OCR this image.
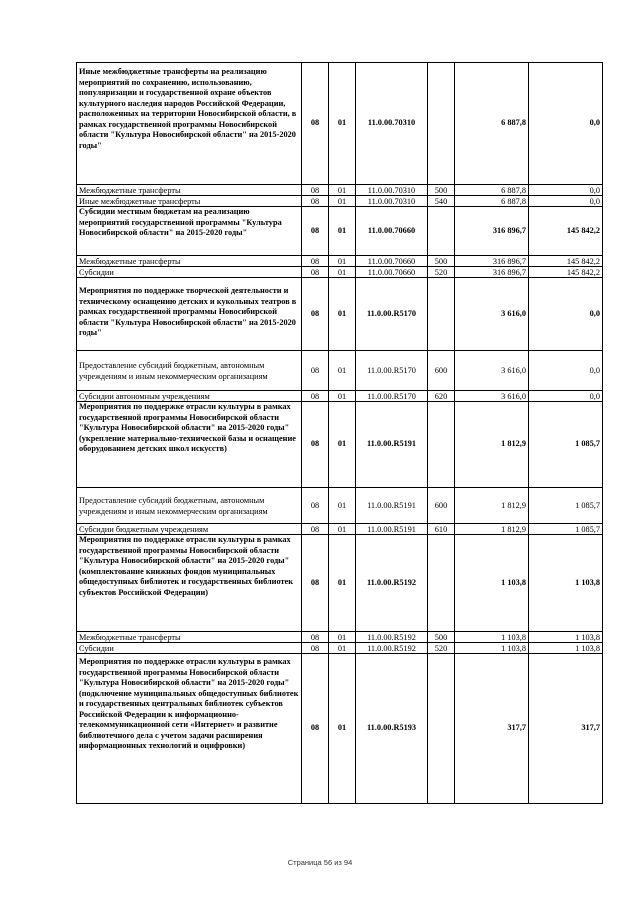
Иные межбюджетные трансферты на реализацию мероприятий по сохранению, использованию, популяризации и государственной охране объектов культурного наследия народов Российской Федерации, расположенных на территории Новосибирской области, в рамках государственной программы Новосибирской области "Культура Новосибирской области" на 2015-2020 годы"	08	01	11.0.00.70310		6 887,8	0,0
Межбюджетные трансферты	08	01	11.0.00.70310	500	6 887,8	0,0
Иные межбюджетные трансферты	08	01	11.0.00.70310	540	6 887,8	0,0
Субсидии местным бюджетам на реализацию мероприятий государственной программы "Культура Новосибирской области" на 2015-2020 годы"	08	01	11.0.00.70660		316 896,7	145 842,2
Межбюджетные трансферты	08	01	11.0.00.70660	500	316 896,7	145 842,2
Субсидии	08	01	11.0.00.70660	520	316 896,7	145 842,2
Мероприятия по поддержке творческой деятельности и техническому оснащению детских и кукольных театров в рамках государственной программы Новосибирской области "Культура Новосибирской области" на 2015-2020 годы"	08	01	11.0.00.R5170		3 616,0	0,0
Предоставление субсидий бюджетным, автономным учреждениям и иным некоммерческим организациям	08	01	11.0.00.R5170	600	3 616,0	0,0
Субсидии автономным учреждениям	08	01	11.0.00.R5170	620	3 616,0	0,0
Мероприятия по поддержке отрасли культуры в рамках государственной программы Новосибирской области "Культура Новосибирской области" на 2015-2020 годы" (укрепление материально-технической базы и оснащение оборудованием детских школ искусств)	08	01	11.0.00.R5191		1 812,9	1 085,7
Предоставление субсидий бюджетным, автономным учреждениям и иным некоммерческим организациям	08	01	11.0.00.R5191	600	1 812,9	1 085,7
Субсидии бюджетным учреждениям	08	01	11.0.00.R5191	610	1 812,9	1 085,7
Мероприятия по поддержке отрасли культуры в рамках государственной программы Новосибирской области "Культура Новосибирской области" на 2015-2020 годы" (комплектование книжных фондов муниципальных общедоступных библиотек и государственных библиотек субъектов Российской Федерации)	08	01	11.0.00.R5192		1 103,8	1 103,8
Межбюджетные трансферты	08	01	11.0.00.R5192	500	1 103,8	1 103,8
Субсидии	08	01	11.0.00.R5192	520	1 103,8	1 103,8
Мероприятия по поддержке отрасли культуры в рамках государственной программы Новосибирской области "Культура Новосибирской области" на 2015-2020 годы" (подключение муниципальных общедоступных библиотек и государственных центральных библиотек субъектов Российской Федерации к информационно-телекоммуникационной сети «Интернет» и развитие библиотечного дела с учетом задачи расширения информационных технологий и оцифровки)	08	01	11.0.00.R5193		317,7	317,7
Страница 56 из 94
